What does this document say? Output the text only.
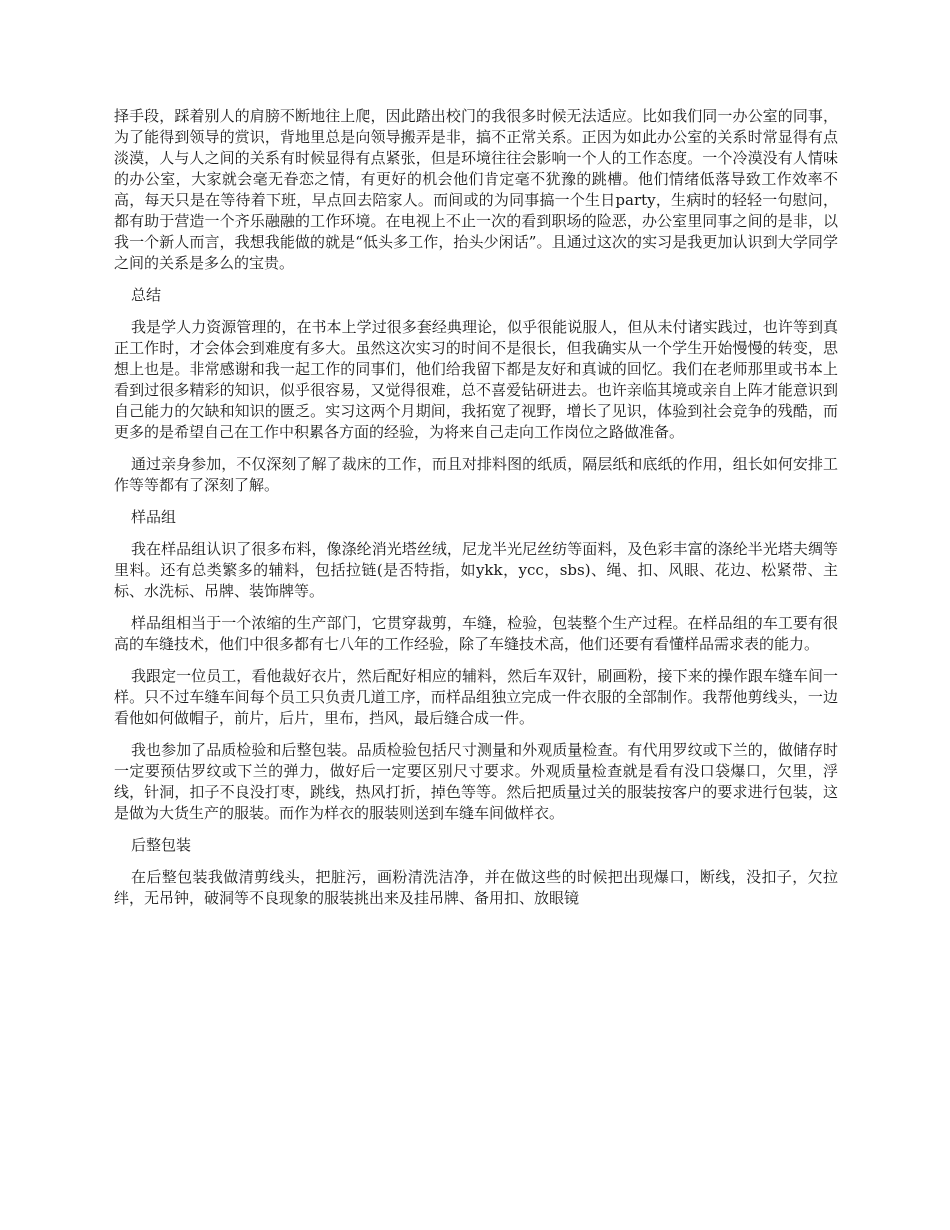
择手段，踩着别人的肩膀不断地往上爬，因此踏出校门的我很多时候无法适应。比如我们同一办公室的同事，为了能得到领导的赏识，背地里总是向领导搬弄是非，搞不正常关系。正因为如此办公室的关系时常显得有点淡漠，人与人之间的关系有时候显得有点紧张，但是环境往往会影响一个人的工作态度。一个冷漠没有人情味的办公室，大家就会毫无眷恋之情，有更好的机会他们肯定毫不犹豫的跳槽。他们情绪低落导致工作效率不高，每天只是在等待着下班，早点回去陪家人。而间或的为同事搞一个生日party，生病时的轻轻一句慰问，都有助于营造一个齐乐融融的工作环境。在电视上不止一次的看到职场的险恶，办公室里同事之间的是非，以我一个新人而言，我想我能做的就是“低头多工作，抬头少闲话”。且通过这次的实习是我更加认识到大学同学之间的关系是多么的宝贵。

总结

我是学人力资源管理的，在书本上学过很多套经典理论，似乎很能说服人，但从未付诸实践过，也许等到真正工作时，才会体会到难度有多大。虽然这次实习的时间不是很长，但我确实从一个学生开始慢慢的转变，思想上也是。非常感谢和我一起工作的同事们，他们给我留下都是友好和真诚的回忆。我们在老师那里或书本上看到过很多精彩的知识，似乎很容易，又觉得很难，总不喜爱钻研进去。也许亲临其境或亲自上阵才能意识到自己能力的欠缺和知识的匮乏。实习这两个月期间，我拓宽了视野，增长了见识，体验到社会竞争的残酷，而更多的是希望自己在工作中积累各方面的经验，为将来自己走向工作岗位之路做准备。

通过亲身参加，不仅深刻了解了裁床的工作，而且对排料图的纸质，隔层纸和底纸的作用，组长如何安排工作等等都有了深刻了解。

样品组

我在样品组认识了很多布料，像涤纶消光塔丝绒，尼龙半光尼丝纺等面料，及色彩丰富的涤纶半光塔夫绸等里料。还有总类繁多的辅料，包括拉链(是否特指，如ykk，ycc，sbs)、绳、扣、风眼、花边、松紧带、主标、水洗标、吊牌、装饰牌等。

样品组相当于一个浓缩的生产部门，它贯穿裁剪，车缝，检验，包装整个生产过程。在样品组的车工要有很高的车缝技术，他们中很多都有七八年的工作经验，除了车缝技术高，他们还要有看懂样品需求表的能力。

我跟定一位员工，看他裁好衣片，然后配好相应的辅料，然后车双针，刷画粉，接下来的操作跟车缝车间一样。只不过车缝车间每个员工只负责几道工序，而样品组独立完成一件衣服的全部制作。我帮他剪线头，一边看他如何做帽子，前片，后片，里布，挡风，最后缝合成一件。

我也参加了品质检验和后整包装。品质检验包括尺寸测量和外观质量检查。有代用罗纹或下兰的，做储存时一定要预估罗纹或下兰的弹力，做好后一定要区别尺寸要求。外观质量检查就是看有没口袋爆口，欠里，浮线，针洞，扣子不良没打枣，跳线，热风打折，掉色等等。然后把质量过关的服装按客户的要求进行包装，这是做为大货生产的服装。而作为样衣的服装则送到车缝车间做样衣。

后整包装

在后整包装我做清剪线头，把脏污，画粉清洗洁净，并在做这些的时候把出现爆口，断线，没扣子，欠拉绊，无吊钟，破洞等不良现象的服装挑出来及挂吊牌、备用扣、放眼镜
